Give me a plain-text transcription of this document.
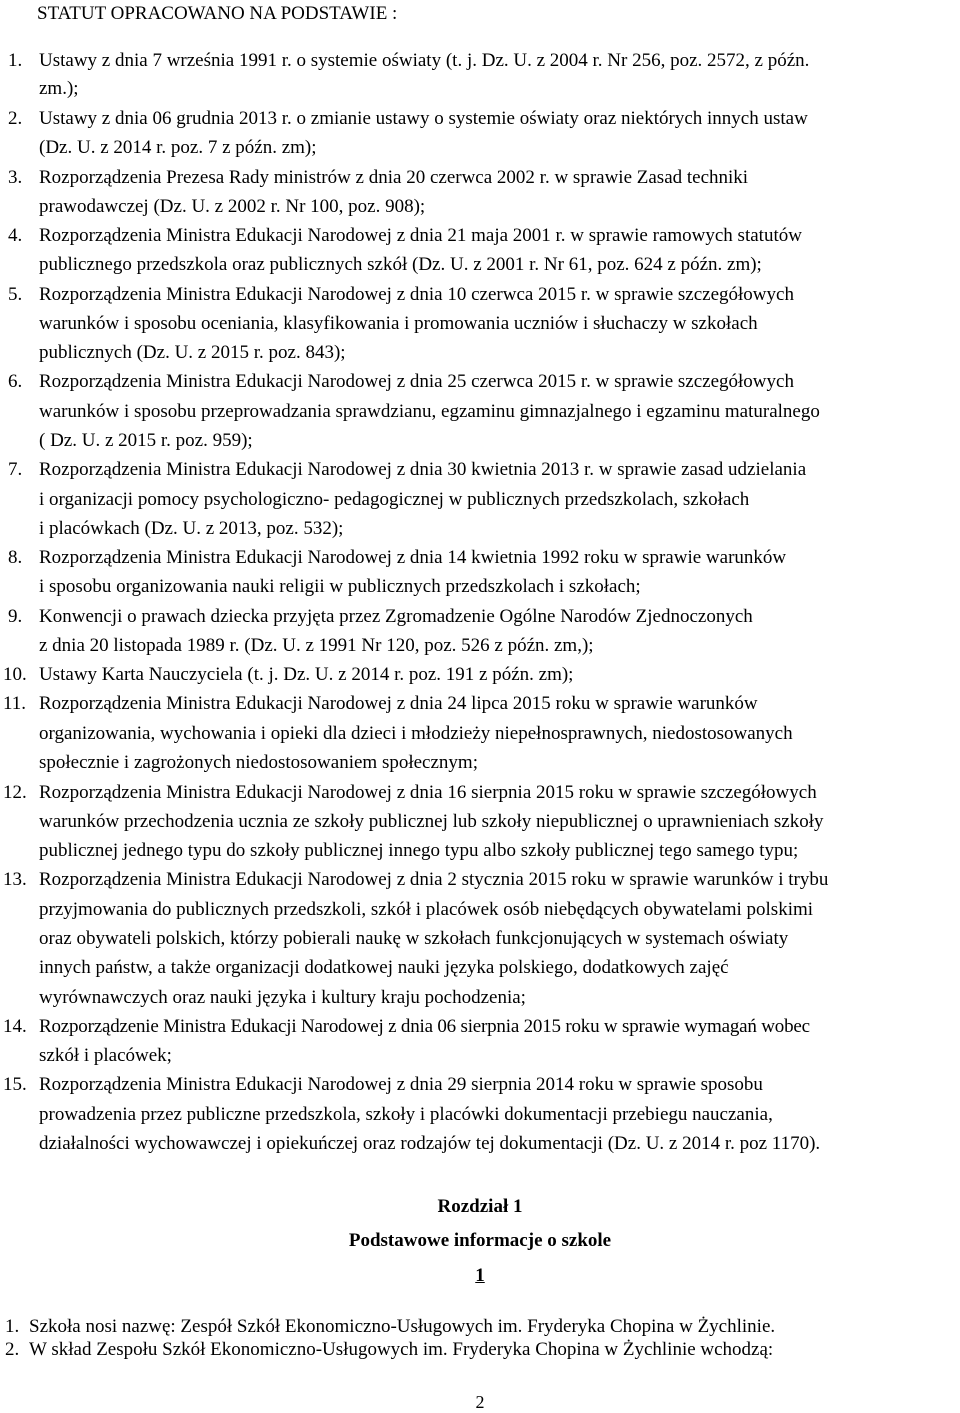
STATUT OPRACOWANO NA PODSTAWIE :
1. Ustawy z dnia 7 września 1991 r. o systemie oświaty (t. j. Dz. U. z 2004 r. Nr 256, poz. 2572, z późn.
zm.);
2. Ustawy z dnia 06 grudnia 2013 r. o zmianie ustawy o systemie oświaty oraz niektórych innych ustaw
(Dz. U. z 2014 r. poz. 7 z późn. zm);
3. Rozporządzenia Prezesa Rady ministrów z dnia 20 czerwca 2002 r. w sprawie Zasad techniki
prawodawczej (Dz. U. z 2002 r. Nr 100, poz. 908);
4. Rozporządzenia Ministra Edukacji Narodowej z dnia 21 maja 2001 r. w sprawie ramowych statutów
publicznego przedszkola oraz publicznych szkół (Dz. U. z 2001 r. Nr 61, poz. 624 z późn. zm);
5. Rozporządzenia Ministra Edukacji Narodowej z dnia 10 czerwca 2015 r. w sprawie szczegółowych
warunków i sposobu oceniania, klasyfikowania i promowania uczniów i słuchaczy w szkołach
publicznych (Dz. U. z 2015 r. poz. 843);
6. Rozporządzenia Ministra Edukacji Narodowej z dnia 25 czerwca 2015 r. w sprawie szczegółowych
warunków i sposobu przeprowadzania sprawdzianu, egzaminu gimnazjalnego i egzaminu maturalnego
( Dz. U. z 2015 r. poz. 959);
7. Rozporządzenia Ministra Edukacji Narodowej z dnia 30 kwietnia 2013 r. w sprawie zasad udzielania
i organizacji pomocy psychologiczno- pedagogicznej w publicznych przedszkolach, szkołach
i placówkach (Dz. U. z 2013, poz. 532);
8. Rozporządzenia Ministra Edukacji Narodowej z dnia 14 kwietnia 1992 roku w sprawie warunków
i sposobu organizowania nauki religii w publicznych przedszkolach i szkołach;
9. Konwencji o prawach dziecka przyjęta przez Zgromadzenie Ogólne Narodów Zjednoczonych
z dnia 20 listopada 1989 r. (Dz. U. z 1991 Nr 120, poz. 526 z późn. zm,);
10. Ustawy Karta Nauczyciela (t. j. Dz. U. z 2014 r. poz. 191 z późn. zm);
11. Rozporządzenia Ministra Edukacji Narodowej z dnia 24 lipca 2015 roku w sprawie warunków
organizowania, wychowania i opieki dla dzieci i młodzieży niepełnosprawnych, niedostosowanych
społecznie i zagrożonych niedostosowaniem społecznym;
12. Rozporządzenia Ministra Edukacji Narodowej z dnia 16 sierpnia 2015 roku w sprawie szczegółowych
warunków przechodzenia ucznia ze szkoły publicznej lub szkoły niepublicznej o uprawnieniach szkoły
publicznej jednego typu do szkoły publicznej innego typu albo szkoły publicznej tego samego typu;
13. Rozporządzenia Ministra Edukacji Narodowej z dnia 2 stycznia 2015 roku w sprawie warunków i trybu
przyjmowania do publicznych przedszkoli, szkół i placówek osób niebędących obywatelami polskimi
oraz obywateli polskich, którzy pobierali naukę w szkołach funkcjonujących w systemach oświaty
innych państw, a także organizacji dodatkowej nauki języka polskiego, dodatkowych zajęć
wyrównawczych oraz nauki języka i kultury kraju pochodzenia;
14. Rozporządzenie Ministra Edukacji Narodowej z dnia 06 sierpnia 2015 roku w sprawie wymagań wobec
szkół i placówek;
15. Rozporządzenia Ministra Edukacji Narodowej z dnia 29 sierpnia 2014 roku w sprawie sposobu
prowadzenia przez publiczne przedszkola, szkoły i placówki dokumentacji przebiegu nauczania,
działalności wychowawczej i opiekuńczej oraz rodzajów tej dokumentacji (Dz. U. z 2014 r. poz 1170).
Rozdział 1
Podstawowe informacje o szkole
1
1. Szkoła nosi nazwę: Zespół Szkół Ekonomiczno-Usługowych im. Fryderyka Chopina w Żychlinie.
2. W skład Zespołu Szkół Ekonomiczno-Usługowych im. Fryderyka Chopina w Żychlinie wchodzą:
2
